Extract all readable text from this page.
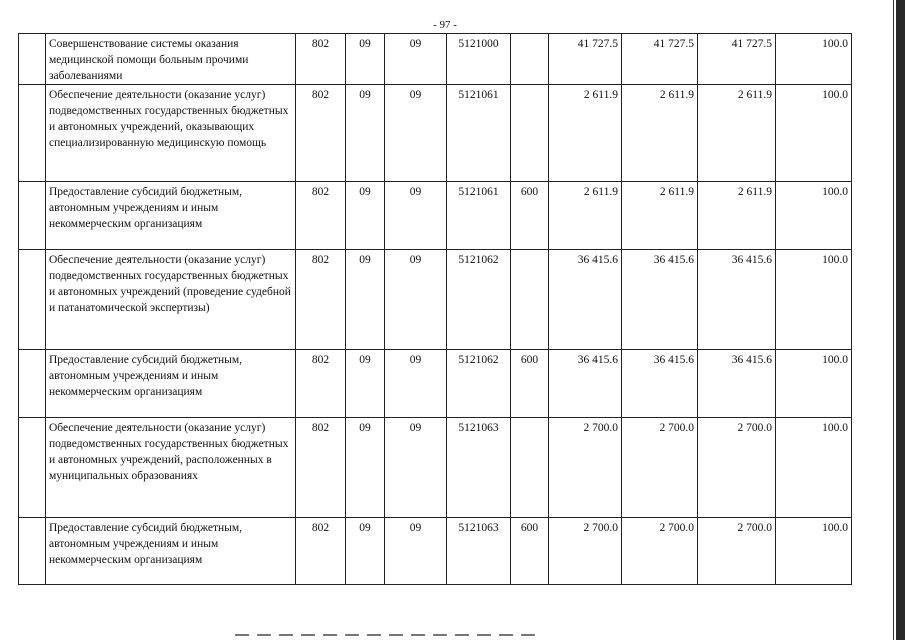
- 97 -
	Совершенствование системы оказания медицинской помощи больным прочими заболеваниями	802	09	09	5121000		41 727.5	41 727.5	41 727.5	100.0
	Обеспечение деятельности (оказание услуг) подведомственных государственных бюджетных и автономных учреждений, оказывающих специализированную медицинскую помощь	802	09	09	5121061		2 611.9	2 611.9	2 611.9	100.0
	Предоставление субсидий бюджетным, автономным учреждениям и иным некоммерческим организациям	802	09	09	5121061	600	2 611.9	2 611.9	2 611.9	100.0
	Обеспечение деятельности (оказание услуг) подведомственных государственных бюджетных и автономных учреждений (проведение судебной и патанатомической экспертизы)	802	09	09	5121062		36 415.6	36 415.6	36 415.6	100.0
	Предоставление субсидий бюджетным, автономным учреждениям и иным некоммерческим организациям	802	09	09	5121062	600	36 415.6	36 415.6	36 415.6	100.0
	Обеспечение деятельности (оказание услуг) подведомственных государственных бюджетных и автономных учреждений, расположенных в муниципальных образованиях	802	09	09	5121063		2 700.0	2 700.0	2 700.0	100.0
	Предоставление субсидий бюджетным, автономным учреждениям и иным некоммерческим организациям	802	09	09	5121063	600	2 700.0	2 700.0	2 700.0	100.0
